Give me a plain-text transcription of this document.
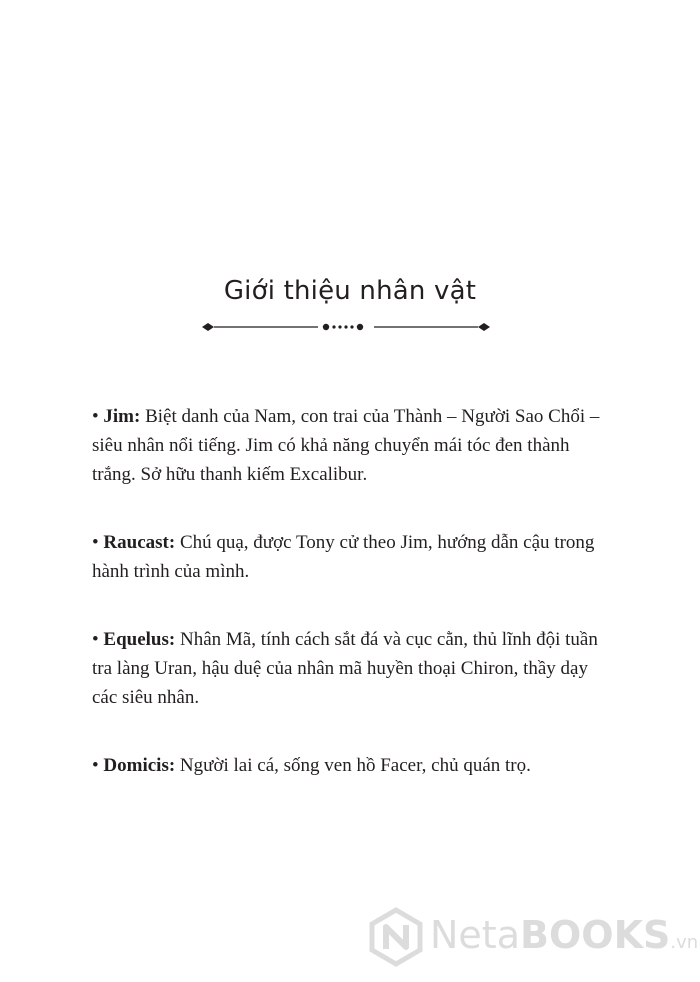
Giới thiệu nhân vật

• Jim: Biệt danh của Nam, con trai của Thành – Người Sao Chổi – siêu nhân nổi tiếng. Jim có khả năng chuyển mái tóc đen thành trắng. Sở hữu thanh kiếm Excalibur.

• Raucast: Chú quạ, được Tony cử theo Jim, hướng dẫn cậu trong hành trình của mình.

• Equelus: Nhân Mã, tính cách sắt đá và cục cằn, thủ lĩnh đội tuần tra làng Uran, hậu duệ của nhân mã huyền thoại Chiron, thầy dạy các siêu nhân.

• Domicis: Người lai cá, sống ven hồ Facer, chủ quán trọ.

NetaBOOKS.vn
